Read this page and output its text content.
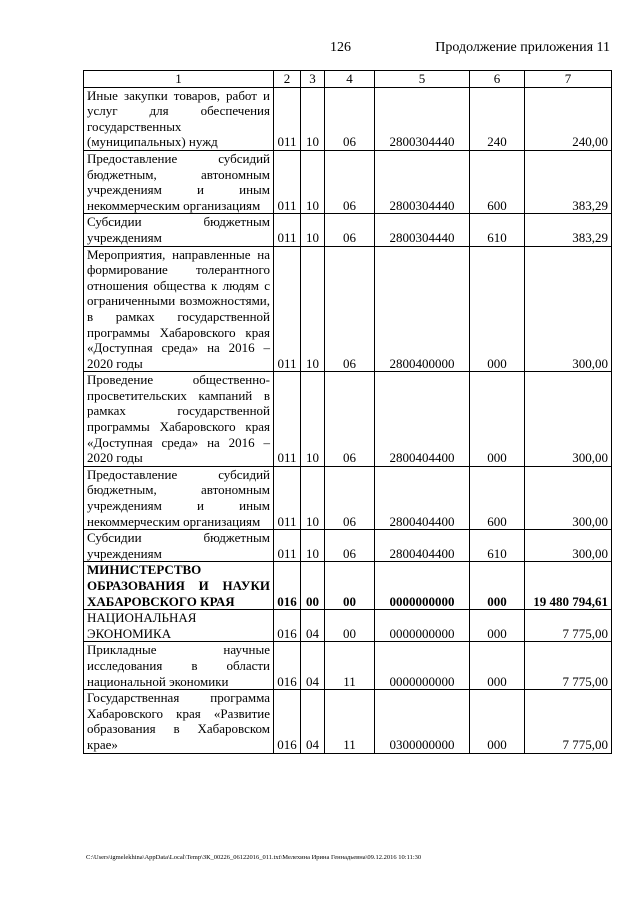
126	Продолжение приложения 11
1	2	3	4	5	6	7
Иные закупки товаров, работ и услуг для обеспечения государственных (муниципальных) нужд	011	10	06	2800304440	240	240,00
Предоставление субсидий бюджетным, автономным учреждениям и иным некоммерческим организациям	011	10	06	2800304440	600	383,29
Субсидии бюджетным учреждениям	011	10	06	2800304440	610	383,29
Мероприятия, направленные на формирование толерантного отношения общества к людям с ограниченными возможностями, в рамках государственной программы Хабаровского края «Доступная среда» на 2016 – 2020 годы	011	10	06	2800400000	000	300,00
Проведение общественно-просветительских кампаний в рамках государственной программы Хабаровского края «Доступная среда» на 2016 – 2020 годы	011	10	06	2800404400	000	300,00
Предоставление субсидий бюджетным, автономным учреждениям и иным некоммерческим организациям	011	10	06	2800404400	600	300,00
Субсидии бюджетным учреждениям	011	10	06	2800404400	610	300,00
МИНИСТЕРСТВО ОБРАЗОВАНИЯ И НАУКИ ХАБАРОВСКОГО КРАЯ	016	00	00	0000000000	000	19 480 794,61
НАЦИОНАЛЬНАЯ ЭКОНОМИКА	016	04	00	0000000000	000	7 775,00
Прикладные научные исследования в области национальной экономики	016	04	11	0000000000	000	7 775,00
Государственная программа Хабаровского края «Развитие образования в Хабаровском крае»	016	04	11	0300000000	000	7 775,00
C:\Users\igmelekhina\AppData\Local\Temp\ЗК_00226_06122016_011.txt\Мелехина Ирина Геннадьевна\09.12.2016 10:11:30
